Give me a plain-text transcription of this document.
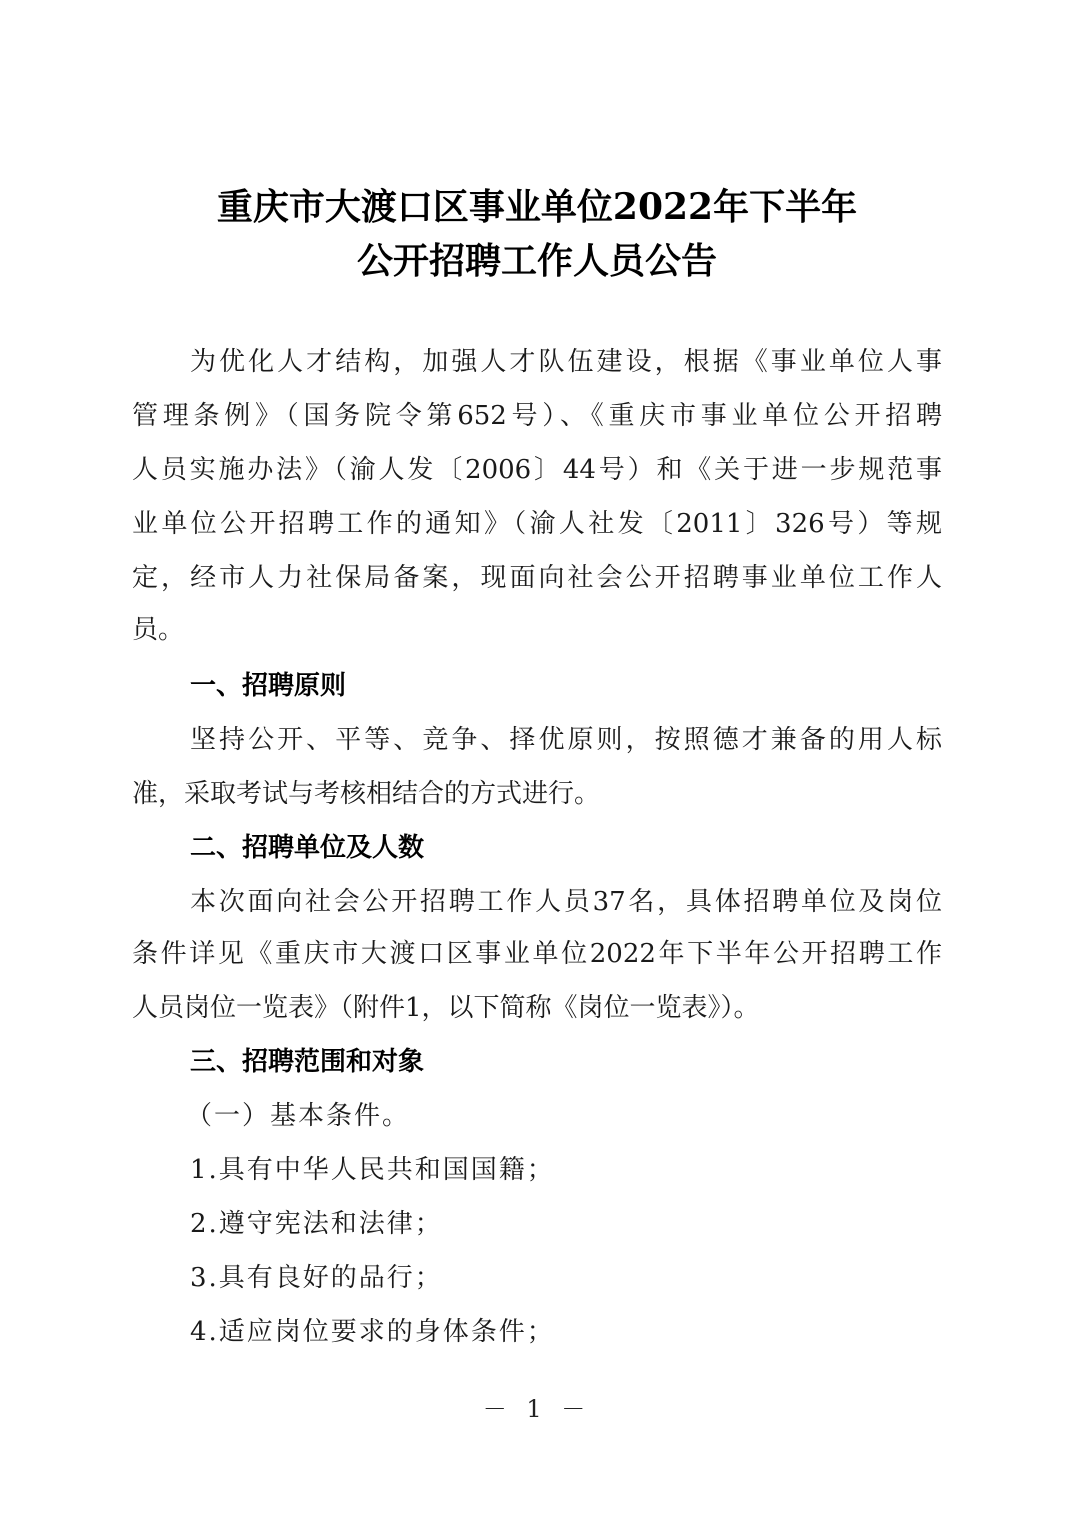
重庆市大渡口区事业单位2022年下半年
公开招聘工作人员公告
为优化人才结构，加强人才队伍建设，根据《事业单位人事
管理条例》（国务院令第652号）、《重庆市事业单位公开招聘
人员实施办法》（渝人发〔2006〕44号）和《关于进一步规范事
业单位公开招聘工作的通知》（渝人社发〔2011〕326号）等规
定，经市人力社保局备案，现面向社会公开招聘事业单位工作人
员。
一、招聘原则
坚持公开、平等、竞争、择优原则，按照德才兼备的用人标
准，采取考试与考核相结合的方式进行。
二、招聘单位及人数
本次面向社会公开招聘工作人员37名，具体招聘单位及岗位
条件详见《重庆市大渡口区事业单位2022年下半年公开招聘工作
人员岗位一览表》（附件1，以下简称《岗位一览表》）。
三、招聘范围和对象
（一）基本条件。
1.具有中华人民共和国国籍；
2.遵守宪法和法律；
3.具有良好的品行；
4.适应岗位要求的身体条件；
－ 1 －
